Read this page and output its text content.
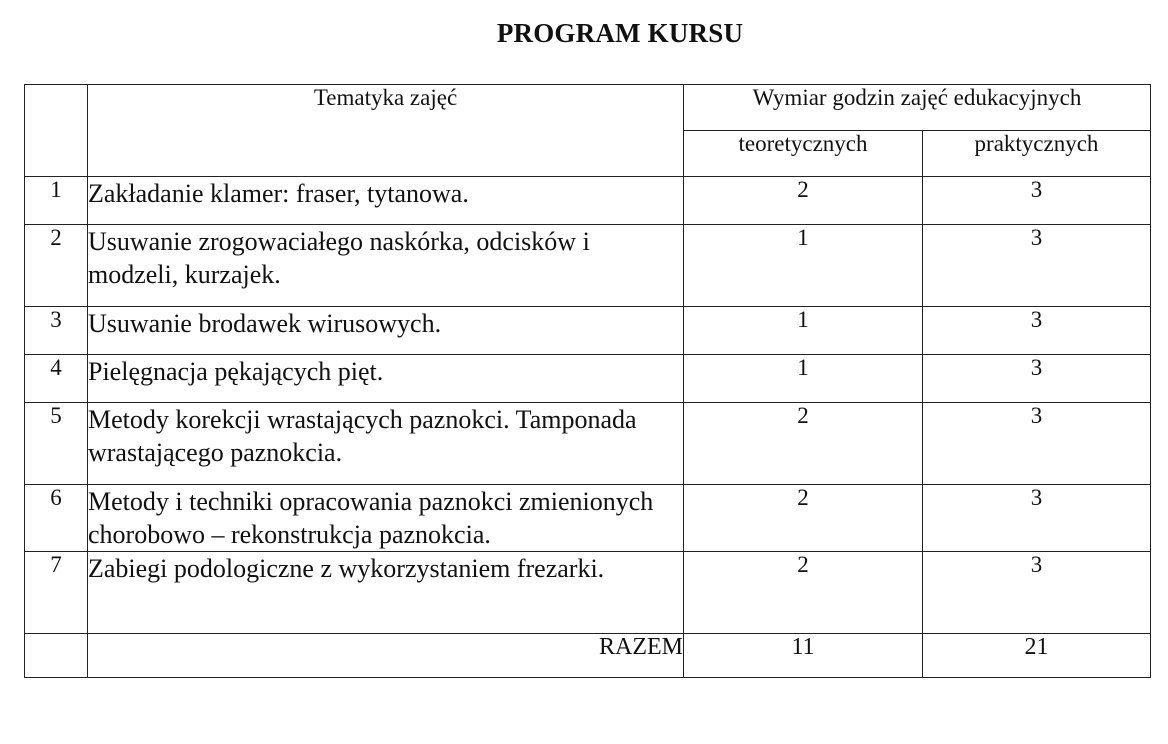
PROGRAM KURSU
	Tematyka zajęć	Wymiar godzin zajęć edukacyjnych	
		teoretycznych	praktycznych
1	Zakładanie klamer: fraser, tytanowa.	2	3
2	Usuwanie zrogowaciałego naskórka, odcisków i modzeli, kurzajek.	1	3
3	Usuwanie brodawek wirusowych.	1	3
4	Pielęgnacja pękających pięt.	1	3
5	Metody korekcji wrastających paznokci. Tamponada wrastającego paznokcia.	2	3
6	Metody i techniki opracowania paznokci zmienionych chorobowo – rekonstrukcja paznokcia.	2	3
7	Zabiegi podologiczne z wykorzystaniem frezarki.	2	3
	RAZEM	11	21
